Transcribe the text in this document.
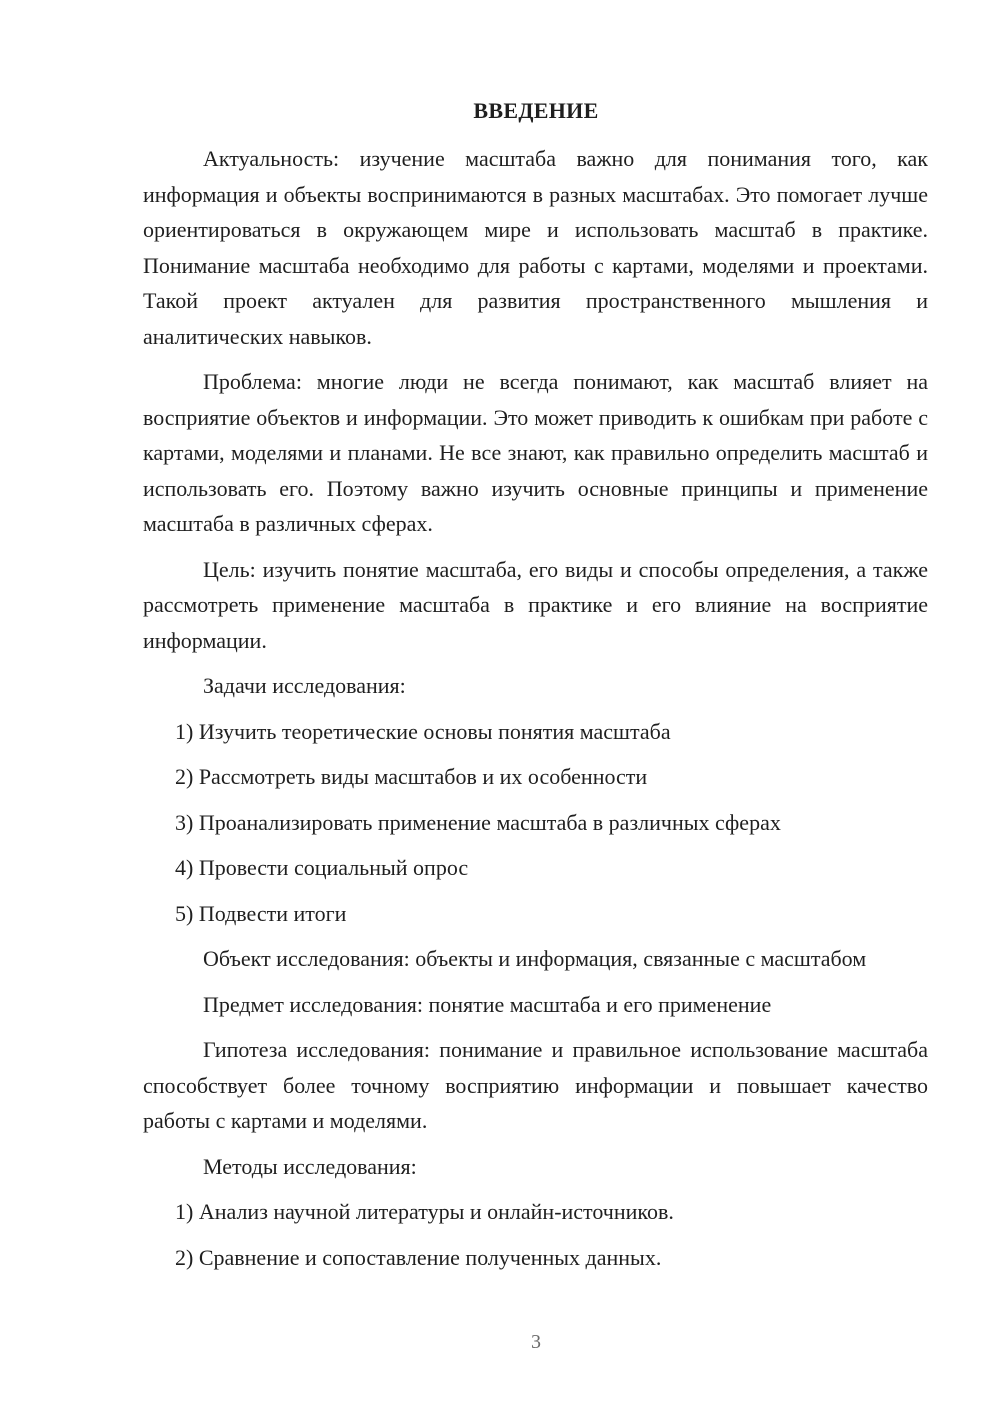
ВВЕДЕНИЕ

Актуальность: изучение масштаба важно для понимания того, как информация и объекты воспринимаются в разных масштабах. Это помогает лучше ориентироваться в окружающем мире и использовать масштаб в практике. Понимание масштаба необходимо для работы с картами, моделями и проектами. Такой проект актуален для развития пространственного мышления и аналитических навыков.

Проблема: многие люди не всегда понимают, как масштаб влияет на восприятие объектов и информации. Это может приводить к ошибкам при работе с картами, моделями и планами. Не все знают, как правильно определить масштаб и использовать его. Поэтому важно изучить основные принципы и применение масштаба в различных сферах.

Цель: изучить понятие масштаба, его виды и способы определения, а также рассмотреть применение масштаба в практике и его влияние на восприятие информации.

Задачи исследования:

1) Изучить теоретические основы понятия масштаба

2) Рассмотреть виды масштабов и их особенности

3) Проанализировать применение масштаба в различных сферах

4) Провести социальный опрос

5) Подвести итоги

Объект исследования: объекты и информация, связанные с масштабом

Предмет исследования: понятие масштаба и его применение

Гипотеза исследования: понимание и правильное использование масштаба способствует более точному восприятию информации и повышает качество работы с картами и моделями.

Методы исследования:

1) Анализ научной литературы и онлайн-источников.

2) Сравнение и сопоставление полученных данных.

3
